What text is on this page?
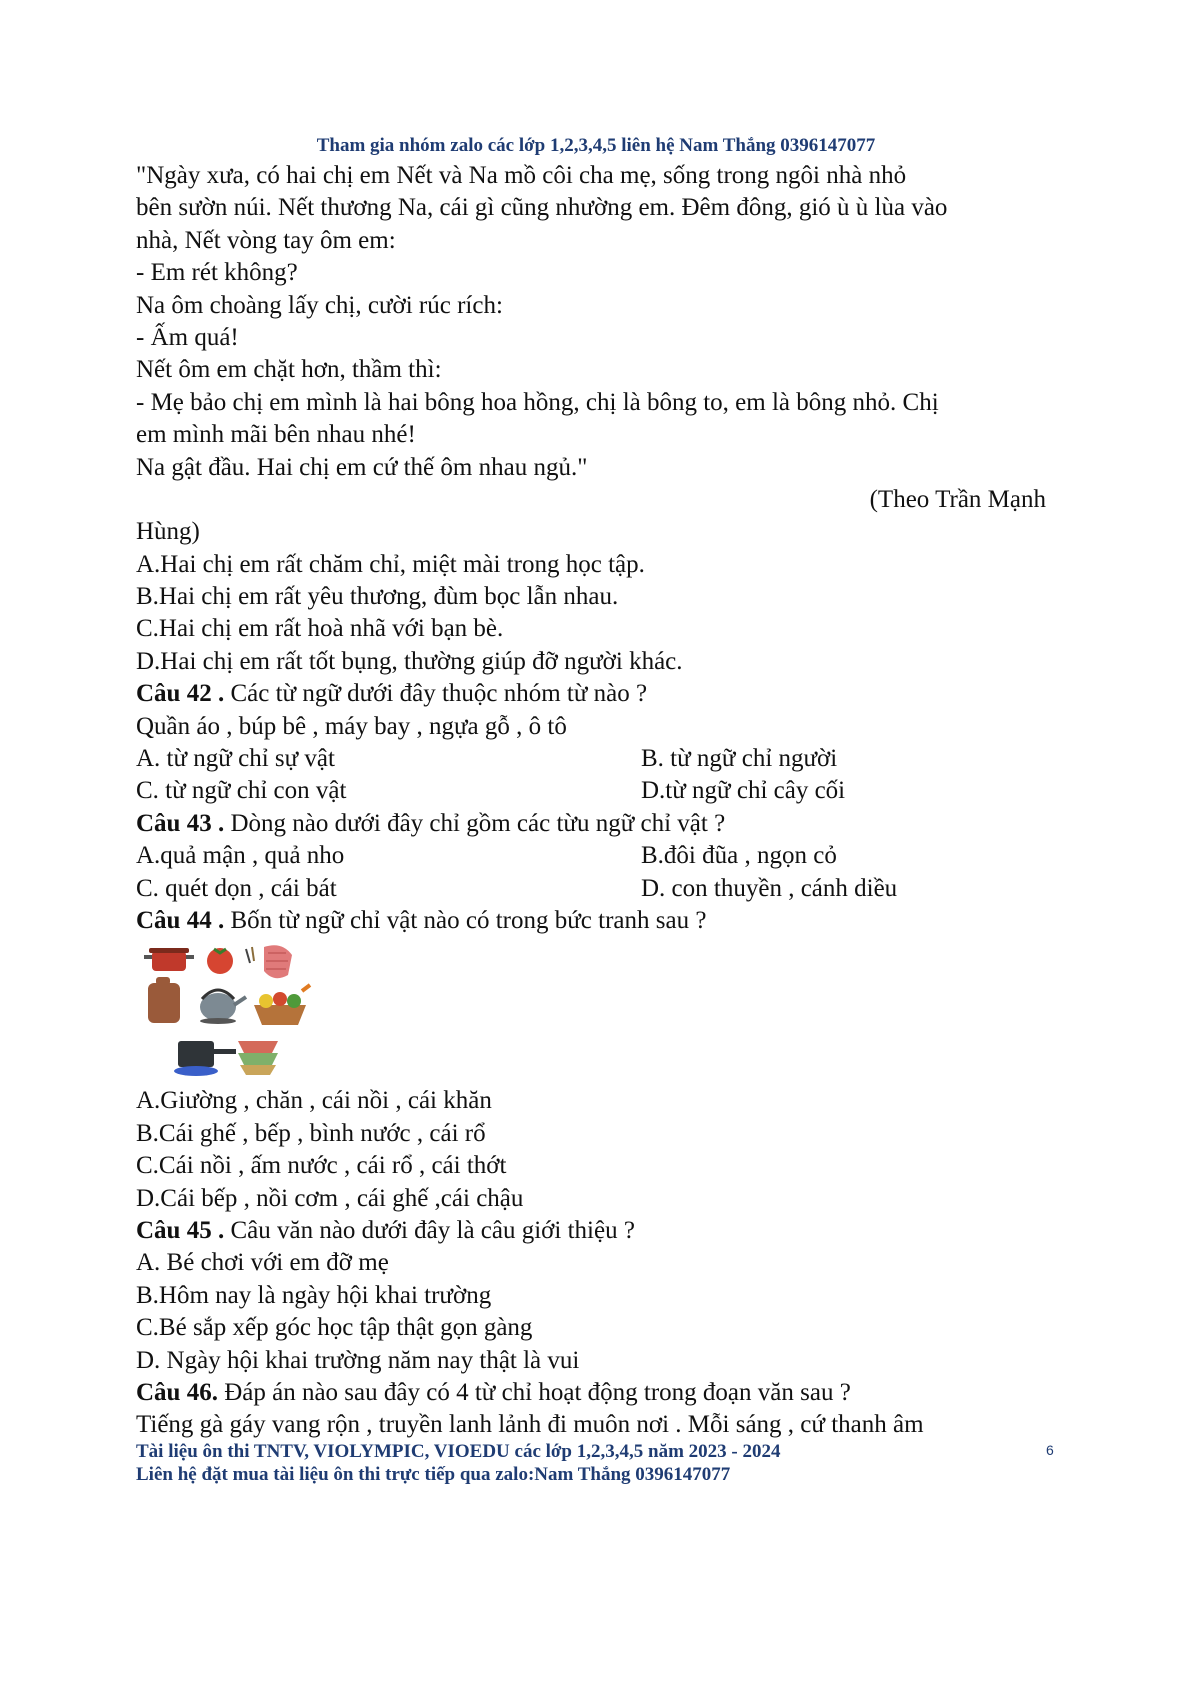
Tham gia nhóm zalo các lớp 1,2,3,4,5 liên hệ Nam Thắng 0396147077
"Ngày xưa, có hai chị em Nết và Na mồ côi cha mẹ, sống trong ngôi nhà nhỏ
bên sườn núi. Nết thương Na, cái gì cũng nhường em. Đêm đông, gió ù ù lùa vào
nhà, Nết vòng tay ôm em:
- Em rét không?
Na ôm choàng lấy chị, cười rúc rích:
- Ấm quá!
Nết ôm em chặt hơn, thầm thì:
- Mẹ bảo chị em mình là hai bông hoa hồng, chị là bông to, em là bông nhỏ. Chị
em mình mãi bên nhau nhé!
Na gật đầu. Hai chị em cứ thế ôm nhau ngủ."
(Theo Trần Mạnh
Hùng)
A.Hai chị em rất chăm chỉ, miệt mài trong học tập.
B.Hai chị em rất yêu thương, đùm bọc lẫn nhau.
C.Hai chị em rất hoà nhã với bạn bè.
D.Hai chị em rất tốt bụng, thường giúp đỡ người khác.
Câu 42 . Các từ ngữ dưới đây thuộc nhóm từ nào ?
Quần áo , búp bê , máy bay , ngựa gỗ , ô tô
A. từ ngữ chỉ sự vật	B. từ ngữ chỉ người
C. từ ngữ chỉ con vật	D.từ ngữ chỉ cây cối
Câu 43 . Dòng nào dưới đây chỉ gồm các từu ngữ chỉ vật ?
A.quả mận , quả nho	B.đôi đũa , ngọn cỏ
C. quét dọn , cái bát	D. con thuyền , cánh diều
Câu 44 . Bốn từ ngữ chỉ vật nào có trong bức tranh sau ?
A.Giường , chăn , cái nồi , cái khăn
B.Cái ghế , bếp , bình nước , cái rổ
C.Cái nồi , ấm nước , cái rổ , cái thớt
D.Cái bếp , nồi cơm , cái ghế ,cái chậu
Câu 45 . Câu văn nào dưới đây là câu giới thiệu ?
A. Bé chơi với em đỡ mẹ
B.Hôm nay là ngày hội khai trường
C.Bé sắp xếp góc học tập thật gọn gàng
D. Ngày hội khai trường năm nay thật là vui
Câu 46. Đáp án nào sau đây có 4 từ chỉ hoạt động trong đoạn văn sau ?
Tiếng gà gáy vang rộn , truyền lanh lảnh đi muôn nơi . Mỗi sáng , cứ thanh âm
Tài liệu ôn thi TNTV, VIOLYMPIC, VIOEDU các lớp 1,2,3,4,5 năm 2023 - 2024
Liên hệ đặt mua tài liệu ôn thi trực tiếp qua zalo:Nam Thắng 0396147077
6
